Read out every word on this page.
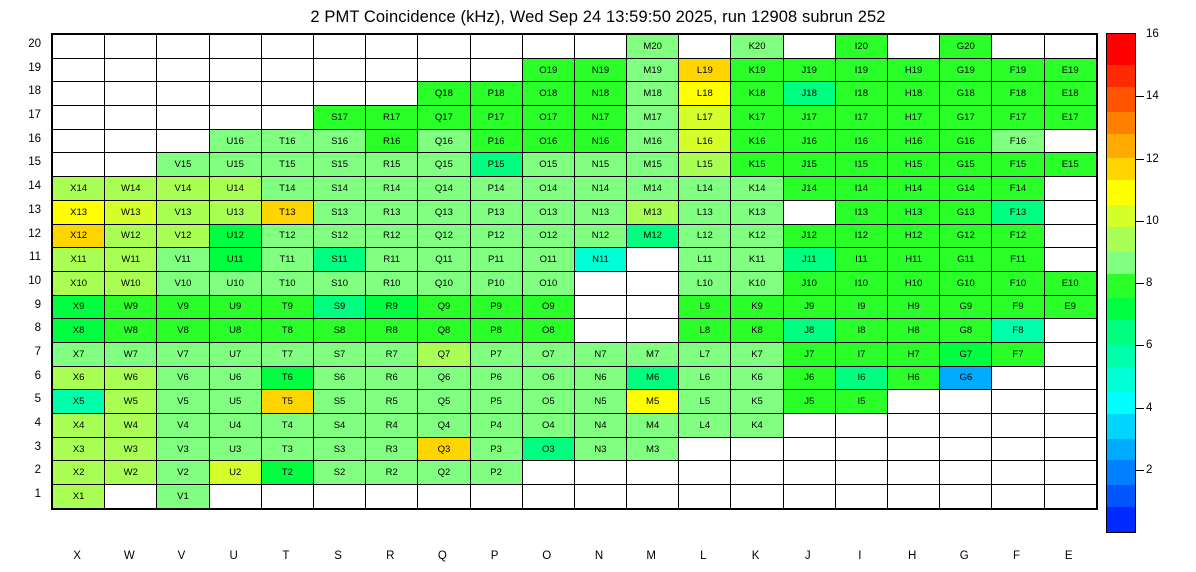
2 PMT Coincidence (kHz), Wed Sep 24 13:59:50 2025, run 12908 subrun 252
20
19
18
17
16
15
14
13
12
11
10
9
8
7
6
5
4
3
2
1
											M20		K20		I20		G20		
									O19	N19	M19	L19	K19	J19	I19	H19	G19	F19	E19
							Q18	P18	O18	N18	M18	L18	K18	J18	I18	H18	G18	F18	E18
					S17	R17	Q17	P17	O17	N17	M17	L17	K17	J17	I17	H17	G17	F17	E17
			U16	T16	S16	R16	Q16	P16	O16	N16	M16	L16	K16	J16	I16	H16	G16	F16	
		V15	U15	T15	S15	R15	Q15	P15	O15	N15	M15	L15	K15	J15	I15	H15	G15	F15	E15
X14	W14	V14	U14	T14	S14	R14	Q14	P14	O14	N14	M14	L14	K14	J14	I14	H14	G14	F14	
X13	W13	V13	U13	T13	S13	R13	Q13	P13	O13	N13	M13	L13	K13		I13	H13	G13	F13	
X12	W12	V12	U12	T12	S12	R12	Q12	P12	O12	N12	M12	L12	K12	J12	I12	H12	G12	F12	
X11	W11	V11	U11	T11	S11	R11	Q11	P11	O11	N11		L11	K11	J11	I11	H11	G11	F11	
X10	W10	V10	U10	T10	S10	R10	Q10	P10	O10			L10	K10	J10	I10	H10	G10	F10	E10
X9	W9	V9	U9	T9	S9	R9	Q9	P9	O9			L9	K9	J9	I9	H9	G9	F9	E9
X8	W8	V8	U8	T8	S8	R8	Q8	P8	O8			L8	K8	J8	I8	H8	G8	F8	
X7	W7	V7	U7	T7	S7	R7	Q7	P7	O7	N7	M7	L7	K7	J7	I7	H7	G7	F7	
X6	W6	V6	U6	T6	S6	R6	Q6	P6	O6	N6	M6	L6	K6	J6	I6	H6	G6		
X5	W5	V5	U5	T5	S5	R5	Q5	P5	O5	N5	M5	L5	K5	J5	I5				
X4	W4	V4	U4	T4	S4	R4	Q4	P4	O4	N4	M4	L4	K4						
X3	W3	V3	U3	T3	S3	R3	Q3	P3	O3	N3	M3								
X2	W2	V2	U2	T2	S2	R2	Q2	P2											
X1		V1																	
X	W	V	U	T	S	R	Q	P	O	N	M	L	K	J	I	H	G	F	E
2
4
6
8
10
12
14
16
